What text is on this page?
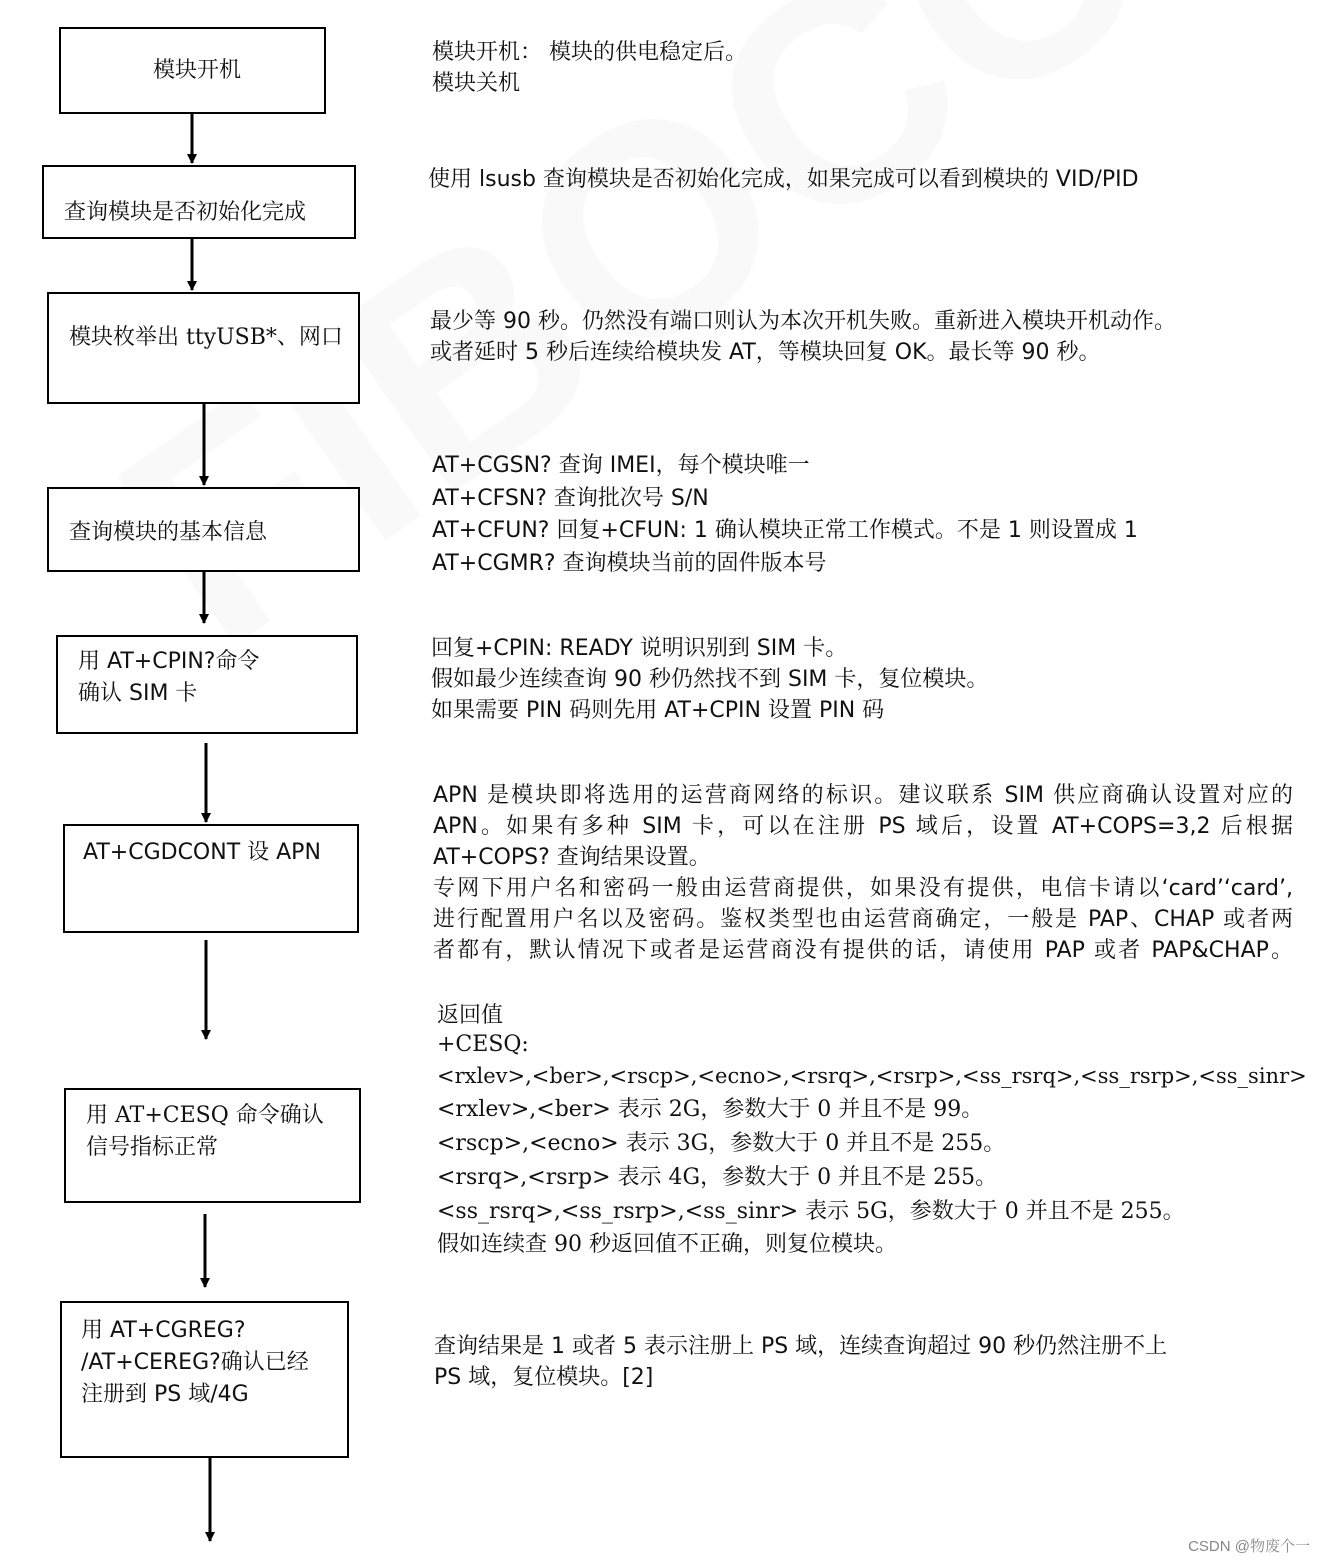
模块开机
模块开机： 模块的供电稳定后。
模块关机
查询模块是否初始化完成
使用 lsusb 查询模块是否初始化完成，如果完成可以看到模块的 VID/PID
模块枚举出 ttyUSB*、网口
最少等 90 秒。仍然没有端口则认为本次开机失败。重新进入模块开机动作。
或者延时 5 秒后连续给模块发 AT，等模块回复 OK。最长等 90 秒。
查询模块的基本信息
AT+CGSN? 查询 IMEI，每个模块唯一
AT+CFSN? 查询批次号 S/N
AT+CFUN? 回复+CFUN: 1 确认模块正常工作模式。不是 1 则设置成 1
AT+CGMR? 查询模块当前的固件版本号
用 AT+CPIN?命令
确认 SIM 卡
回复+CPIN: READY 说明识别到 SIM 卡。
假如最少连续查询 90 秒仍然找不到 SIM 卡，复位模块。
如果需要 PIN 码则先用 AT+CPIN 设置 PIN 码
AT+CGDCONT 设 APN
APN 是模块即将选用的运营商网络的标识。建议联系 SIM 供应商确认设置对应的
APN。如果有多种 SIM 卡，可以在注册 PS 域后，设置 AT+COPS=3,2 后根据
AT+COPS? 查询结果设置。
专网下用户名和密码一般由运营商提供，如果没有提供，电信卡请以‘card’‘card’,
进行配置用户名以及密码。鉴权类型也由运营商确定，一般是 PAP、CHAP 或者两
者都有，默认情况下或者是运营商没有提供的话，请使用 PAP 或者 PAP&CHAP。
用 AT+CESQ 命令确认
信号指标正常
返回值
+CESQ:
<rxlev>,<ber>,<rscp>,<ecno>,<rsrq>,<rsrp>,<ss_rsrq>,<ss_rsrp>,<ss_sinr>
<rxlev>,<ber> 表示 2G，参数大于 0 并且不是 99。
<rscp>,<ecno> 表示 3G，参数大于 0 并且不是 255。
<rsrq>,<rsrp> 表示 4G，参数大于 0 并且不是 255。
<ss_rsrq>,<ss_rsrp>,<ss_sinr> 表示 5G，参数大于 0 并且不是 255。
假如连续查 90 秒返回值不正确，则复位模块。
用 AT+CGREG?
/AT+CEREG?确认已经
注册到 PS 域/4G
查询结果是 1 或者 5 表示注册上 PS 域，连续查询超过 90 秒仍然注册不上
PS 域，复位模块。[2]
CSDN @物废个一
